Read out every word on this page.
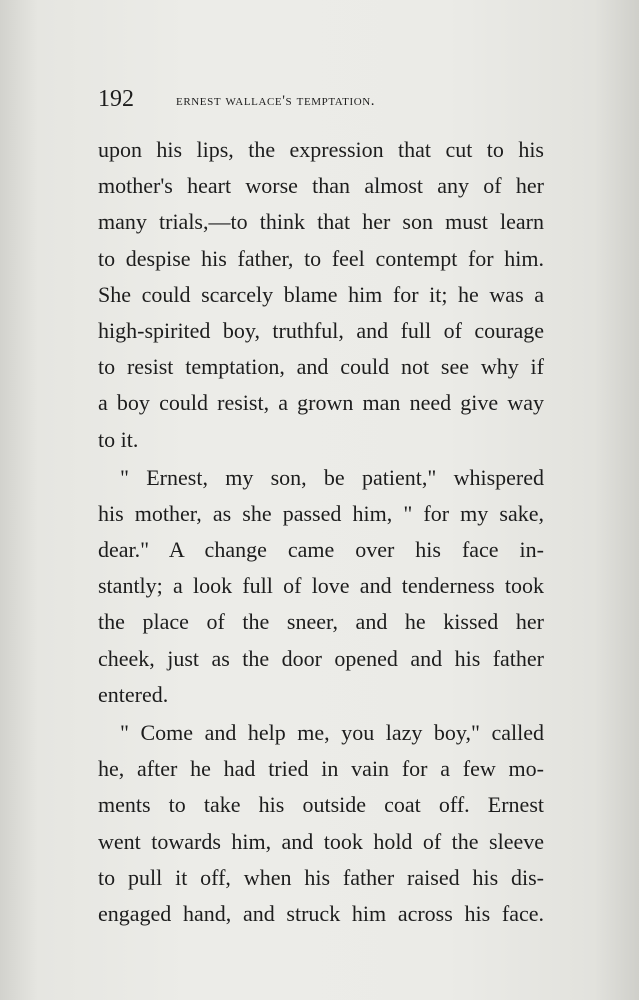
192	ernest wallace's temptation.
upon his lips, the expression that cut to his
mother's heart worse than almost any of her
many trials,—to think that her son must learn
to despise his father, to feel contempt for him.
She could scarcely blame him for it; he was a
high-spirited boy, truthful, and full of courage
to resist temptation, and could not see why if
a boy could resist, a grown man need give way
to it.
" Ernest, my son, be patient," whispered
his mother, as she passed him, " for my sake,
dear." A change came over his face in-
stantly; a look full of love and tenderness took
the place of the sneer, and he kissed her
cheek, just as the door opened and his father
entered.
" Come and help me, you lazy boy," called
he, after he had tried in vain for a few mo-
ments to take his outside coat off. Ernest
went towards him, and took hold of the sleeve
to pull it off, when his father raised his dis-
engaged hand, and struck him across his face.
